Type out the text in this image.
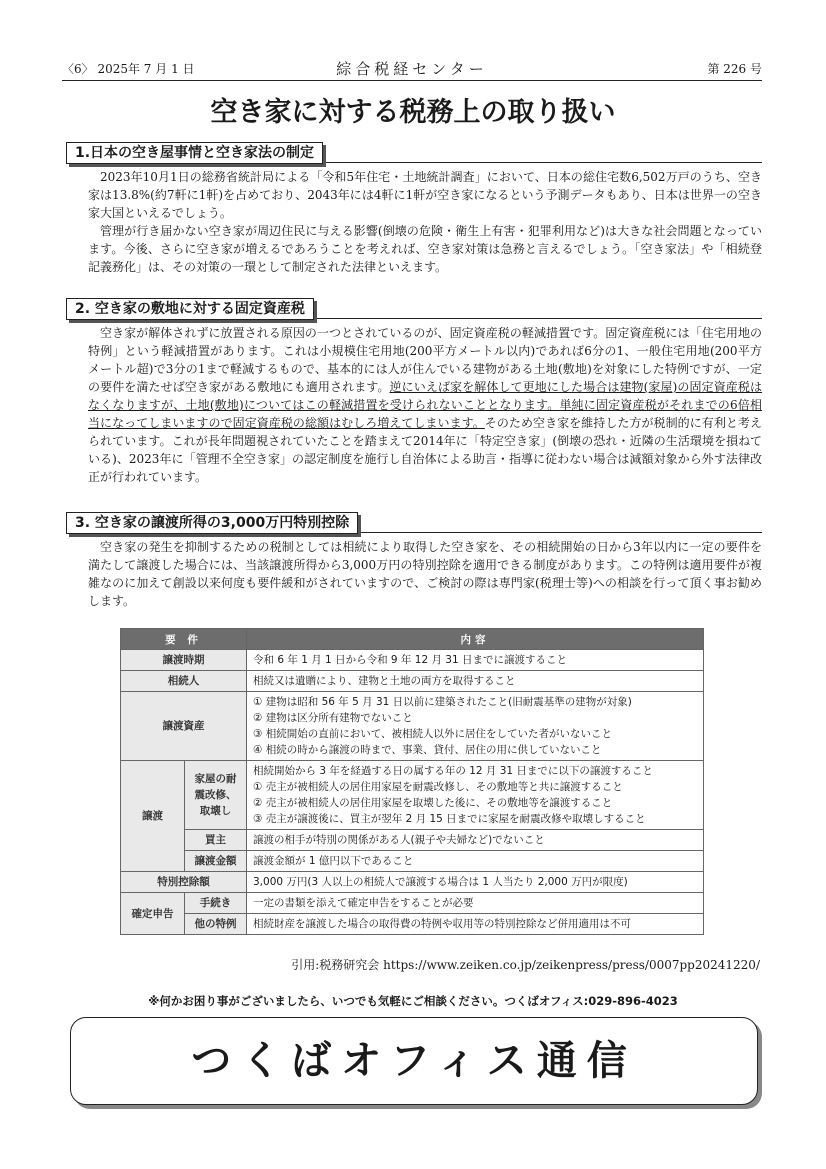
〈6〉 2025年 7 月 1 日	綜合税経センター	第 226 号
空き家に対する税務上の取り扱い
1.日本の空き屋事情と空き家法の制定

2023年10月1日の総務省統計局による「令和5年住宅・土地統計調査」において、日本の総住宅数6,502万戸のうち、空き家は13.8%(約7軒に1軒)を占めており、2043年には4軒に1軒が空き家になるという予測データもあり、日本は世界一の空き家大国といえるでしょう。

管理が行き届かない空き家が周辺住民に与える影響(倒壊の危険・衛生上有害・犯罪利用など)は大きな社会問題となっています。今後、さらに空き家が増えるであろうことを考えれば、空き家対策は急務と言えるでしょう。「空き家法」や「相続登記義務化」は、その対策の一環として制定された法律といえます。

2. 空き家の敷地に対する固定資産税

空き家が解体されずに放置される原因の一つとされているのが、固定資産税の軽減措置です。固定資産税には「住宅用地の特例」という軽減措置があります。これは小規模住宅用地(200平方メートル以内)であれば6分の1、一般住宅用地(200平方メートル超)で3分の1まで軽減するもので、基本的には人が住んでいる建物がある土地(敷地)を対象にした特例ですが、一定の要件を満たせば空き家がある敷地にも適用されます。逆にいえば家を解体して更地にした場合は建物(家屋)の固定資産税はなくなりますが、土地(敷地)についてはこの軽減措置を受けられないこととなります。単純に固定資産税がそれまでの6倍相当になってしまいますので固定資産税の総額はむしろ増えてしまいます。そのため空き家を維持した方が税制的に有利と考えられています。これが長年問題視されていたことを踏まえて2014年に「特定空き家」(倒壊の恐れ・近隣の生活環境を損ねている)、2023年に「管理不全空き家」の認定制度を施行し自治体による助言・指導に従わない場合は減額対象から外す法律改正が行われています。

3. 空き家の譲渡所得の3,000万円特別控除

空き家の発生を抑制するための税制としては相続により取得した空き家を、その相続開始の日から3年以内に一定の要件を満たして譲渡した場合には、当該譲渡所得から3,000万円の特別控除を適用できる制度があります。この特例は適用要件が複雑なのに加えて創設以来何度も要件緩和がされていますので、ご検討の際は専門家(税理士等)への相談を行って頂く事お勧めします。

要 件		内容
譲渡時期		令和 6 年 1 月 1 日から令和 9 年 12 月 31 日までに譲渡すること
相続人		相続又は遺贈により、建物と土地の両方を取得すること
譲渡資産		① 建物は昭和 56 年 5 月 31 日以前に建築されたこと(旧耐震基準の建物が対象)
② 建物は区分所有建物でないこと
③ 相続開始の直前において、被相続人以外に居住をしていた者がいないこと
④ 相続の時から譲渡の時まで、事業、貸付、居住の用に供していないこと

譲渡	家屋の耐震改修、取壊し	相続開始から 3 年を経過する日の属する年の 12 月 31 日までに以下の譲渡すること
① 売主が被相続人の居住用家屋を耐震改修し、その敷地等と共に譲渡すること
② 売主が被相続人の居住用家屋を取壊した後に、その敷地等を譲渡すること
③ 売主が譲渡後に、買主が翌年 2 月 15 日までに家屋を耐震改修や取壊しすること

	買主	譲渡の相手が特別の関係がある人(親子や夫婦など)でないこと
	譲渡金額	譲渡金額が 1 億円以下であること
特別控除額		3,000 万円(3 人以上の相続人で譲渡する場合は 1 人当たり 2,000 万円が限度)
確定申告	手続き	一定の書類を添えて確定申告をすることが必要
	他の特例	相続財産を譲渡した場合の取得費の特例や収用等の特別控除など併用適用は不可
引用:税務研究会 https://www.zeiken.co.jp/zeikenpress/press/0007pp20241220/
※何かお困り事がございましたら、いつでも気軽にご相談ください。つくばオフィス:029-896-4023
つくばオフィス通信
